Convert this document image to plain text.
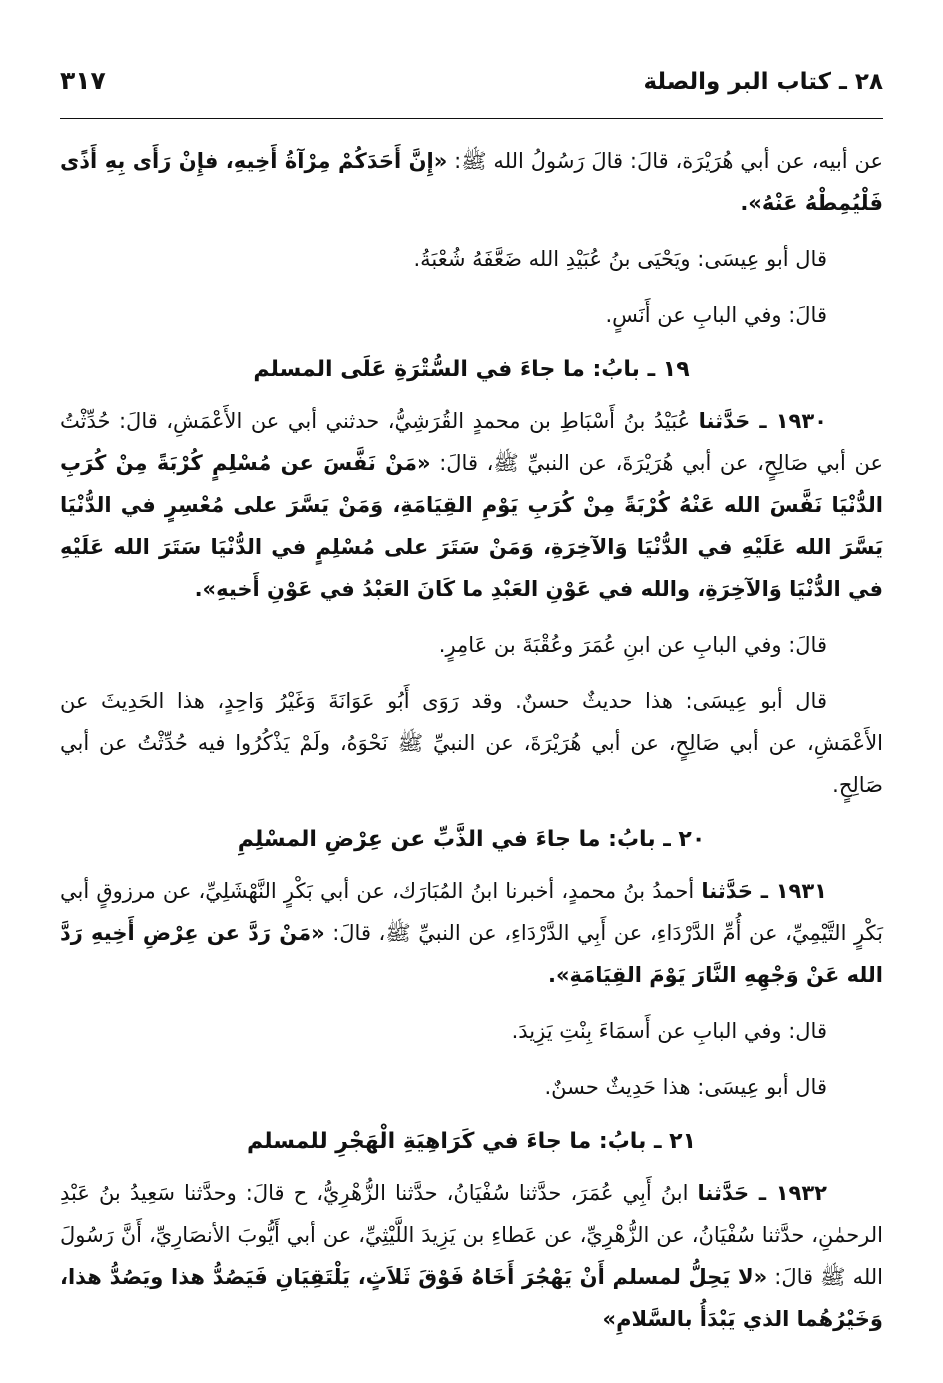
٢٨ ـ كتاب البر والصلة
٣١٧

عن أبيه، عن أبي هُرَيْرَة، قالَ: قالَ رَسُولُ الله ﷺ: «إِنَّ أَحَدَكُمْ مِرْآةُ أَخِيهِ، فإِنْ رَأَى بِهِ أَذًى فَلْيُمِطْهُ عَنْهُ».

قال أبو عِيسَى: ويَحْيَى بنُ عُبَيْدِ الله ضَعَّفَهُ شُعْبَةُ.

قالَ: وفي البابِ عن أَنَسٍ.

١٩ ـ بابُ: ما جاءَ في السُّتْرَةِ عَلَى المسلم

١٩٣٠ ـ حَدَّثنا عُبَيْدُ بنُ أَسْبَاطِ بن محمدٍ القُرَشِيُّ، حدثني أبي عن الأَعْمَشِ، قالَ: حُدِّثْتُ عن أبي صَالِحٍ، عن أبي هُرَيْرَةَ، عن النبيِّ ﷺ، قالَ: «مَنْ نَفَّسَ عن مُسْلِمٍ كُرْبَةً مِنْ كُرَبِ الدُّنْيَا نَفَّسَ الله عَنْهُ كُرْبَةً مِنْ كُرَبِ يَوْمِ القِيَامَةِ، وَمَنْ يَسَّرَ على مُعْسِرٍ في الدُّنْيَا يَسَّرَ الله عَلَيْهِ في الدُّنْيَا وَالآخِرَةِ، وَمَنْ سَتَرَ على مُسْلِمٍ في الدُّنْيَا سَتَرَ الله عَلَيْهِ في الدُّنْيَا وَالآخِرَةِ، والله في عَوْنِ العَبْدِ ما كَانَ العَبْدُ في عَوْنِ أَخيهِ».

قالَ: وفي البابِ عن ابنِ عُمَرَ وعُقْبَةَ بن عَامِرٍ.

قال أبو عِيسَى: هذا حديثٌ حسنٌ. وقد رَوَى أَبُو عَوَانَةَ وَغَيْرُ وَاحِدٍ، هذا الحَدِيثَ عن الأَعْمَشِ، عن أبي صَالِحٍ، عن أبي هُرَيْرَةَ، عن النبيِّ ﷺ نَحْوَهُ، ولَمْ يَذْكُرُوا فيه حُدِّثْتُ عن أبي صَالِحٍ.

٢٠ ـ بابُ: ما جاءَ في الذَّبِّ عن عِرْضِ المسْلِمِ

١٩٣١ ـ حَدَّثنا أحمدُ بنُ محمدٍ، أخبرنا ابنُ المُبَارَك، عن أبي بَكْرٍ النَّهْشَلِيِّ، عن مرزوقٍ أبي بَكْرٍ التَّيْمِيِّ، عن أُمِّ الدَّرْدَاءِ، عن أَبِي الدَّرْدَاءِ، عن النبيِّ ﷺ، قالَ: «مَنْ رَدَّ عن عِرْضِ أَخِيهِ رَدَّ الله عَنْ وَجْهِهِ النَّارَ يَوْمَ القِيَامَةِ».

قال: وفي البابِ عن أَسمَاءَ بِنْتِ يَزِيدَ.

قال أبو عِيسَى: هذا حَدِيثٌ حسنٌ.

٢١ ـ بابُ: ما جاءَ في كَرَاهِيَةِ الْهَجْرِ للمسلم

١٩٣٢ ـ حَدَّثنا ابنُ أَبِي عُمَرَ، حدَّثنا سُفْيَانُ، حدَّثنا الزُّهْرِيُّ، ح قالَ: وحدَّثنا سَعِيدُ بنُ عَبْدِ الرحمٰنِ، حدَّثنا سُفْيَانُ، عن الزُّهْرِيِّ، عن عَطاءِ بن يَزِيدَ اللَّيْثِيِّ، عن أبي أَيُّوبَ الأنصَارِيِّ، أَنَّ رَسُولَ الله ﷺ قالَ: «لا يَحِلُّ لمسلم أَنْ يَهْجُرَ أَخَاهُ فَوْقَ ثَلاَثٍ، يَلْتَقِيَانِ فَيَصُدُّ هذا ويَصُدُّ هذا، وَخَيْرُهُما الذي يَبْدَأُ بالسَّلامِ»
